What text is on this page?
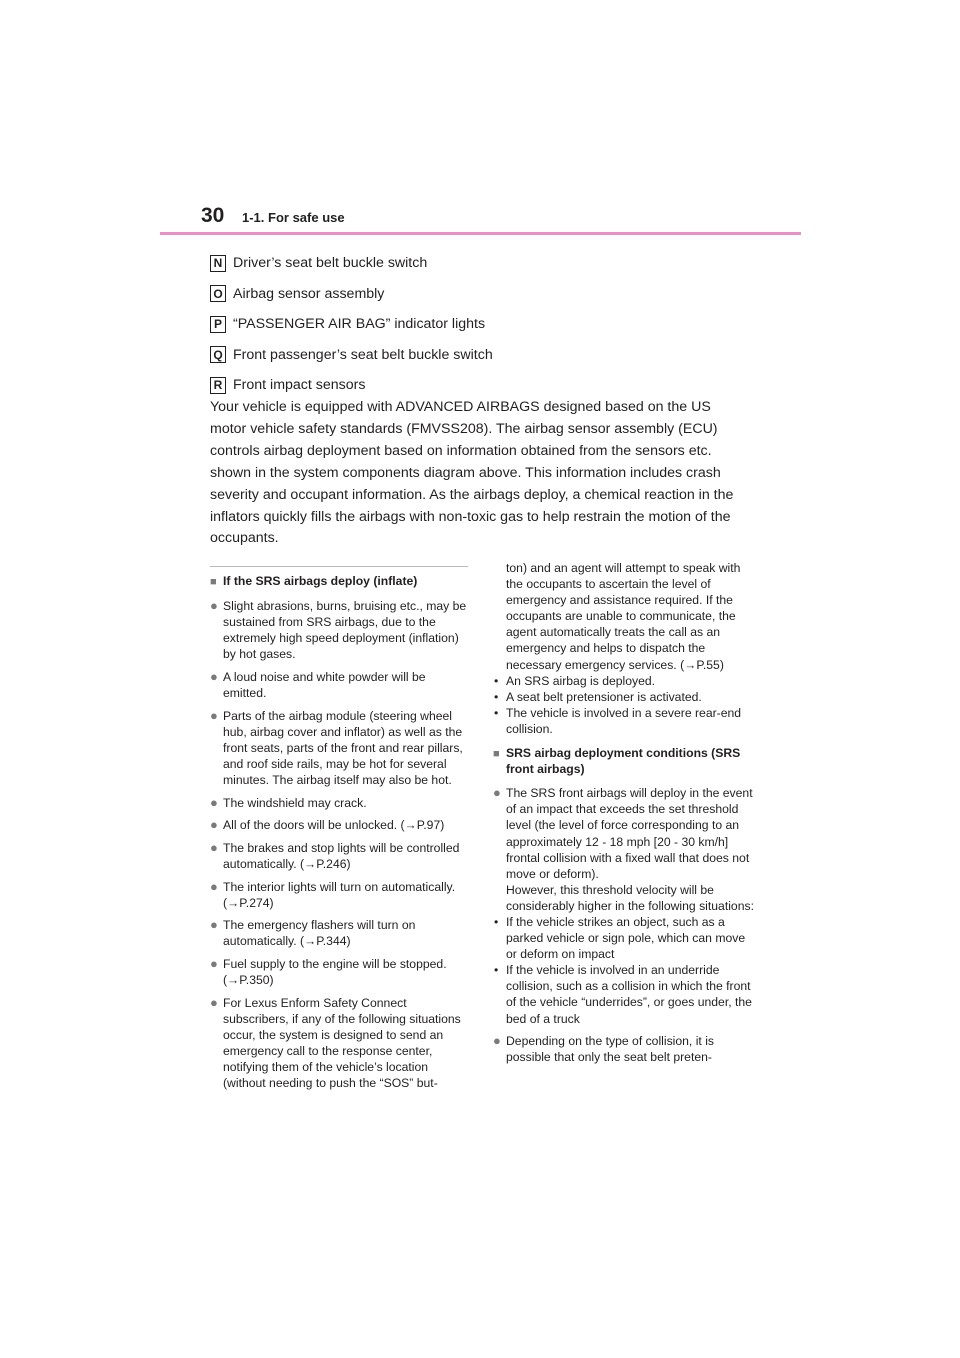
30 1-1. For safe use
N Driver’s seat belt buckle switch
O Airbag sensor assembly
P “PASSENGER AIR BAG” indicator lights
Q Front passenger’s seat belt buckle switch
R Front impact sensors
Your vehicle is equipped with ADVANCED AIRBAGS designed based on the US motor vehicle safety standards (FMVSS208). The airbag sensor assembly (ECU) controls airbag deployment based on information obtained from the sensors etc. shown in the system components diagram above. This information includes crash severity and occupant information. As the airbags deploy, a chemical reaction in the inflators quickly fills the airbags with non-toxic gas to help restrain the motion of the occupants.
■ If the SRS airbags deploy (inflate)
● Slight abrasions, burns, bruising etc., may be sustained from SRS airbags, due to the extremely high speed deployment (inflation) by hot gases.
● A loud noise and white powder will be emitted.
● Parts of the airbag module (steering wheel hub, airbag cover and inflator) as well as the front seats, parts of the front and rear pillars, and roof side rails, may be hot for several minutes. The airbag itself may also be hot.
● The windshield may crack.
● All of the doors will be unlocked. (→P.97)
● The brakes and stop lights will be controlled automatically. (→P.246)
● The interior lights will turn on automatically. (→P.274)
● The emergency flashers will turn on automatically. (→P.344)
● Fuel supply to the engine will be stopped. (→P.350)
● For Lexus Enform Safety Connect subscribers, if any of the following situations occur, the system is designed to send an emergency call to the response center, notifying them of the vehicle’s location (without needing to push the “SOS” but-
ton) and an agent will attempt to speak with the occupants to ascertain the level of emergency and assistance required. If the occupants are unable to communicate, the agent automatically treats the call as an emergency and helps to dispatch the necessary emergency services. (→P.55)
• An SRS airbag is deployed.
• A seat belt pretensioner is activated.
• The vehicle is involved in a severe rear-end collision.
■ SRS airbag deployment conditions (SRS front airbags)
● The SRS front airbags will deploy in the event of an impact that exceeds the set threshold level (the level of force corresponding to an approximately 12 - 18 mph [20 - 30 km/h] frontal collision with a fixed wall that does not move or deform).
However, this threshold velocity will be considerably higher in the following situations:
• If the vehicle strikes an object, such as a parked vehicle or sign pole, which can move or deform on impact
• If the vehicle is involved in an underride collision, such as a collision in which the front of the vehicle “underrides”, or goes under, the bed of a truck
● Depending on the type of collision, it is possible that only the seat belt preten-
